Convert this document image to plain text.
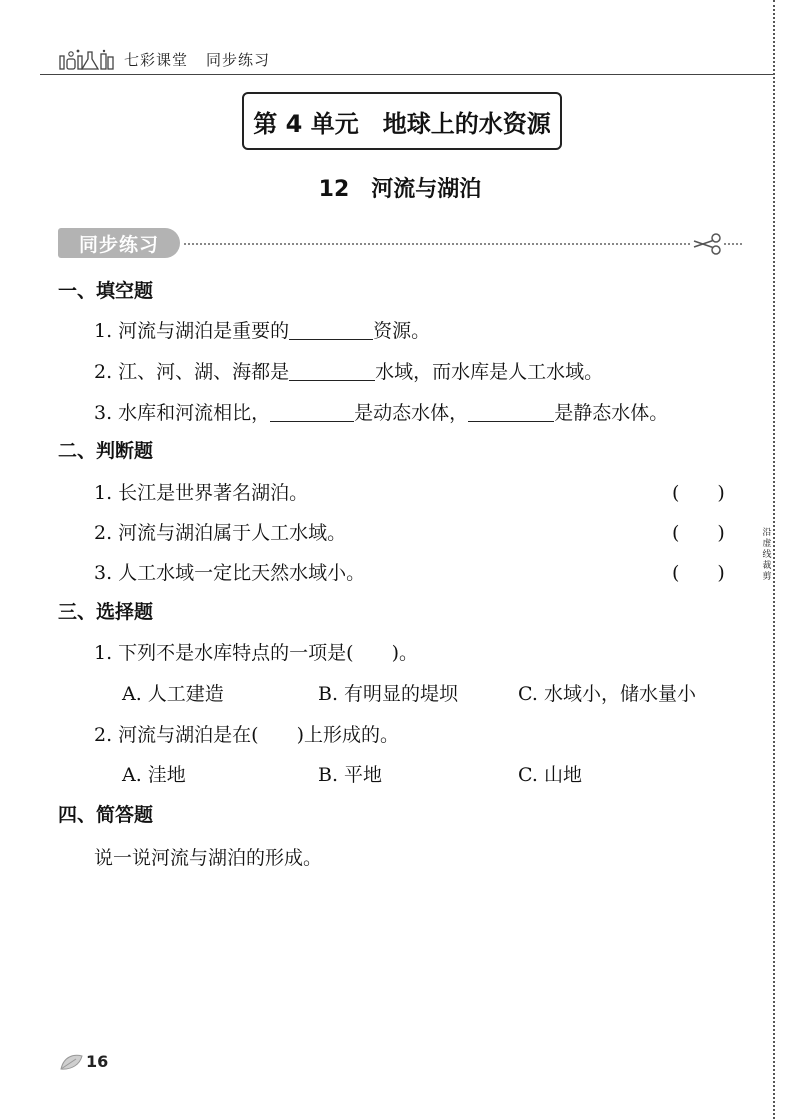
七彩课堂 同步练习
第 4 单元　地球上的水资源
12 河流与湖泊
同步练习
一、填空题
1. 河流与湖泊是重要的	资源。
2. 江、河、湖、海都是	水域，而水库是人工水域。
3. 水库和河流相比，	是动态水体，	是静态水体。
二、判断题
1. 长江是世界著名湖泊。	(　　)
2. 河流与湖泊属于人工水域。	(　　)
3. 人工水域一定比天然水域小。	(　　)
三、选择题
1. 下列不是水库特点的一项是(　　)。
A. 人工建造	B. 有明显的堤坝	C. 水域小，储水量小
2. 河流与湖泊是在(　　)上形成的。
A. 洼地	B. 平地	C. 山地
四、简答题
说一说河流与湖泊的形成。
16
沿虚线裁剪
